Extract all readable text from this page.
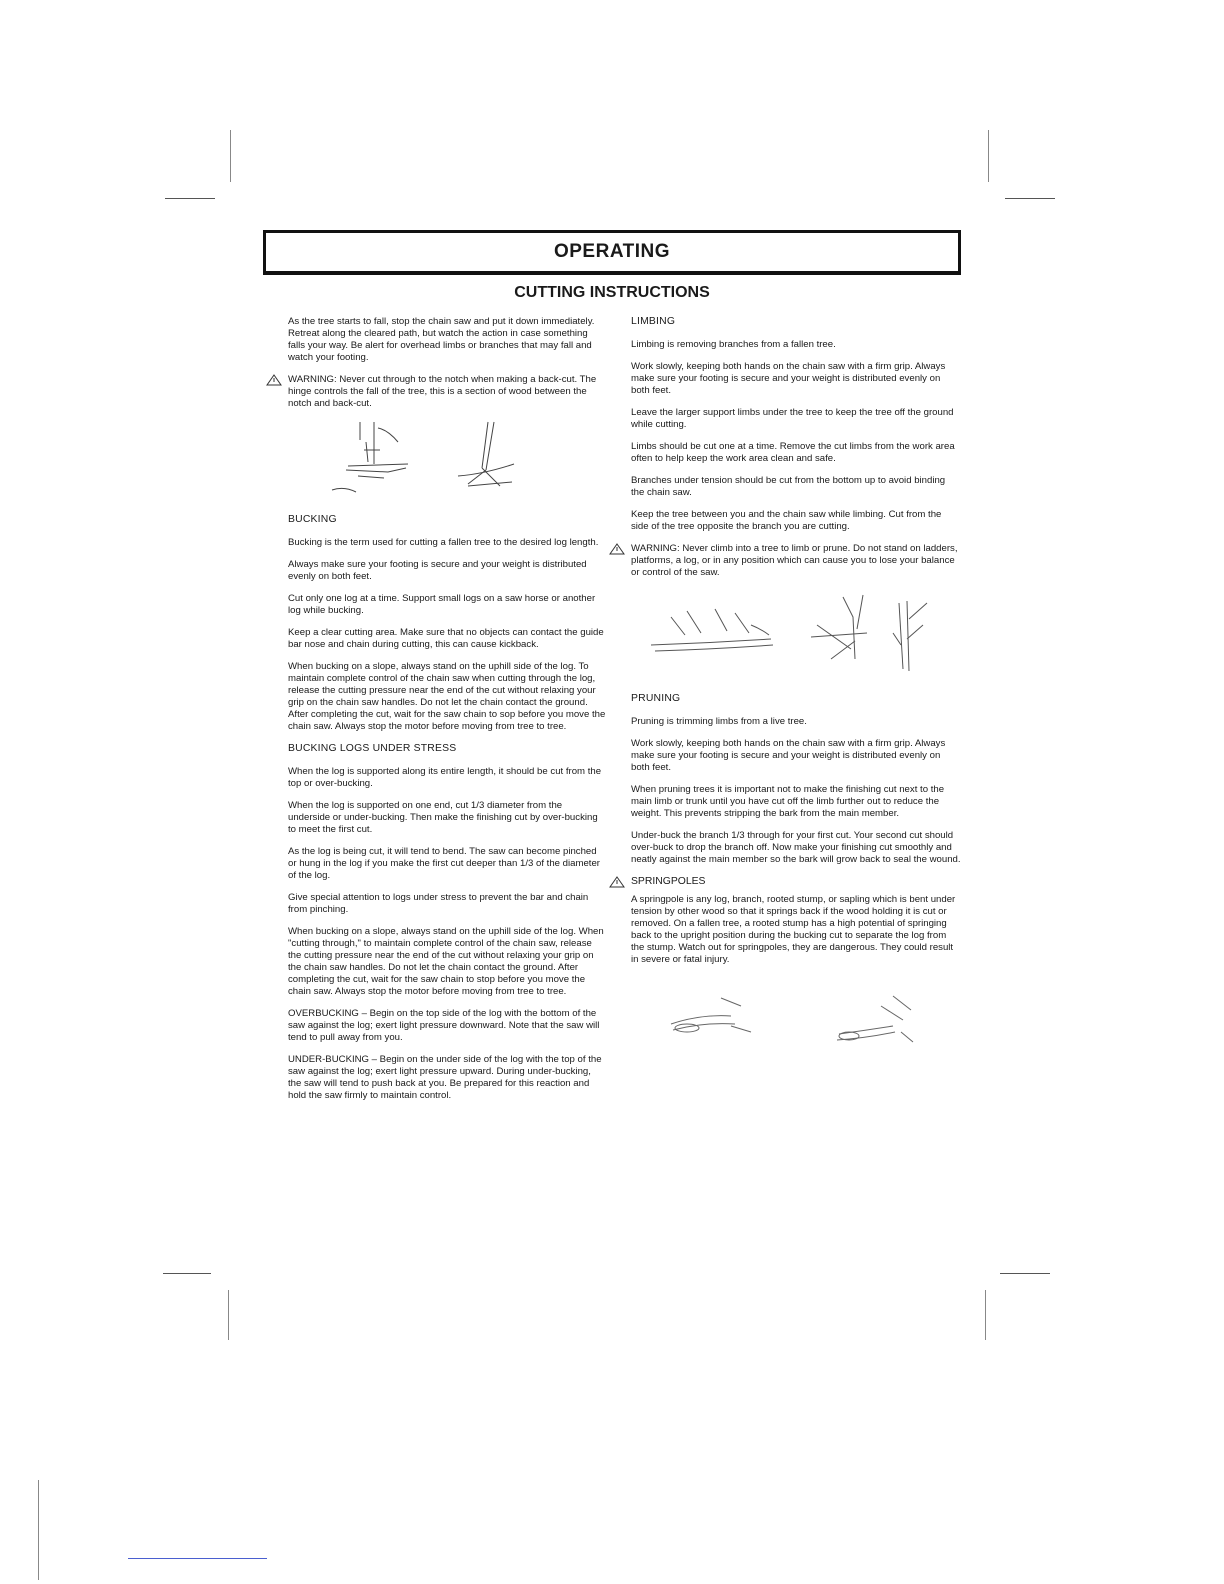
OPERATING
CUTTING INSTRUCTIONS

As the tree starts to fall, stop the chain saw and put it down immediately. Retreat along the cleared path, but watch the action in case something falls your way. Be alert for overhead limbs or branches that may fall and watch your footing.

WARNING: Never cut through to the notch when making a back-cut. The hinge controls the fall of the tree, this is a section of wood between the notch and back-cut.

BUCKING

Bucking is the term used for cutting a fallen tree to the desired log length.

Always make sure your footing is secure and your weight is distributed evenly on both feet.

Cut only one log at a time. Support small logs on a saw horse or another log while bucking.

Keep a clear cutting area. Make sure that no objects can contact the guide bar nose and chain during cutting, this can cause kickback.

When bucking on a slope, always stand on the uphill side of the log. To maintain complete control of the chain saw when cutting through the log, release the cutting pressure near the end of the cut without relaxing your grip on the chain saw handles. Do not let the chain contact the ground. After completing the cut, wait for the saw chain to sop before you move the chain saw. Always stop the motor before moving from tree to tree.

BUCKING LOGS UNDER STRESS

When the log is supported along its entire length, it should be cut from the top or over-bucking.

When the log is supported on one end, cut 1/3 diameter from the underside or under-bucking. Then make the finishing cut by over-bucking to meet the first cut.

As the log is being cut, it will tend to bend. The saw can become pinched or hung in the log if you make the first cut deeper than 1/3 of the diameter of the log.

Give special attention to logs under stress to prevent the bar and chain from pinching.

When bucking on a slope, always stand on the uphill side of the log. When "cutting through," to maintain complete control of the chain saw, release the cutting pressure near the end of the cut without relaxing your grip on the chain saw handles. Do not let the chain contact the ground. After completing the cut, wait for the saw chain to stop before you move the chain saw. Always stop the motor before moving from tree to tree.

OVERBUCKING – Begin on the top side of the log with the bottom of the saw against the log; exert light pressure downward. Note that the saw will tend to pull away from you.

UNDER-BUCKING – Begin on the under side of the log with the top of the saw against the log; exert light pressure upward. During under-bucking, the saw will tend to push back at you. Be prepared for this reaction and hold the saw firmly to maintain control.

LIMBING

Limbing is removing branches from a fallen tree.

Work slowly, keeping both hands on the chain saw with a firm grip. Always make sure your footing is secure and your weight is distributed evenly on both feet.

Leave the larger support limbs under the tree to keep the tree off the ground while cutting.

Limbs should be cut one at a time. Remove the cut limbs from the work area often to help keep the work area clean and safe.

Branches under tension should be cut from the bottom up to avoid binding the chain saw.

Keep the tree between you and the chain saw while limbing. Cut from the side of the tree opposite the branch you are cutting.

WARNING: Never climb into a tree to limb or prune. Do not stand on ladders, platforms, a log, or in any position which can cause you to lose your balance or control of the saw.

PRUNING

Pruning is trimming limbs from a live tree.

Work slowly, keeping both hands on the chain saw with a firm grip. Always make sure your footing is secure and your weight is distributed evenly on both feet.

When pruning trees it is important not to make the finishing cut next to the main limb or trunk until you have cut off the limb further out to reduce the weight. This prevents stripping the bark from the main member.

Under-buck the branch 1/3 through for your first cut. Your second cut should over-buck to drop the branch off. Now make your finishing cut smoothly and neatly against the main member so the bark will grow back to seal the wound.

SPRINGPOLES

A springpole is any log, branch, rooted stump, or sapling which is bent under tension by other wood so that it springs back if the wood holding it is cut or removed. On a fallen tree, a rooted stump has a high potential of springing back to the upright position during the bucking cut to separate the log from the stump. Watch out for springpoles, they are dangerous. They could result in severe or fatal injury.
